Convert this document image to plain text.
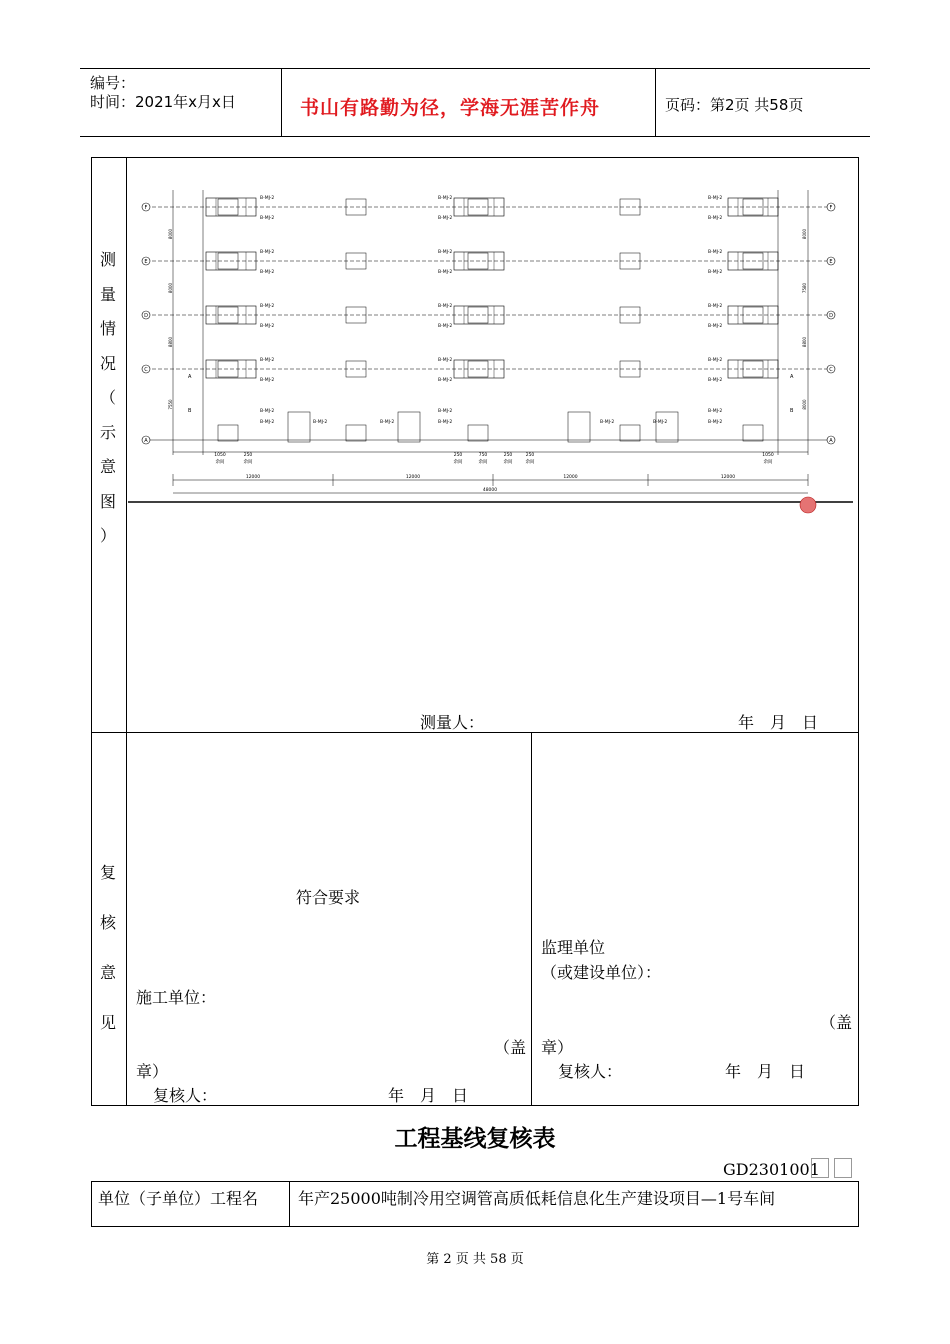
编号：
时间：2021年x月x日	书山有路勤为径，学海无涯苦作舟	页码：第2页 共58页
测
量
情
况
（
示
意
图
）
F	F
E	E
D	D
C	C
A	A
8000
8000
8800
7550
8000
7580
8800
8000
B-MJ-2
B-MJ-2
B-MJ-2
B-MJ-2
B-MJ-2
B-MJ-2
B-MJ-2
B-MJ-2
B-MJ-2
B-MJ-2
B-MJ-2
B-MJ-2
B-MJ-2
B-MJ-2
B-MJ-2
B-MJ-2
B-MJ-2
B-MJ-2
B-MJ-2
B-MJ-2
B-MJ-2
B-MJ-2
B-MJ-2
B-MJ-2
B-MJ-2
B-MJ-2
B-MJ-2
B-MJ-2
B-MJ-2
B-MJ-2
B-MJ-2	B-MJ-2	B-MJ-2	B-MJ-2
A
B
A
B
1050
余间
250
余间
250
余间
750
余间
250
余间
250
余间
1050
余间
12000	12000	12000	12000
48000
测量人：	年　月　日
复
核
意
见
符合要求
施工单位：
（盖
章）
复核人：	年　月　日
监理单位
（或建设单位）：
（盖
章）
复核人：	年　月　日
工程基线复核表
GD2301001
单位（子单位）工程名 年产25000吨制冷用空调管高质低耗信息化生产建设项目—1号车间
第 2 页 共 58 页
